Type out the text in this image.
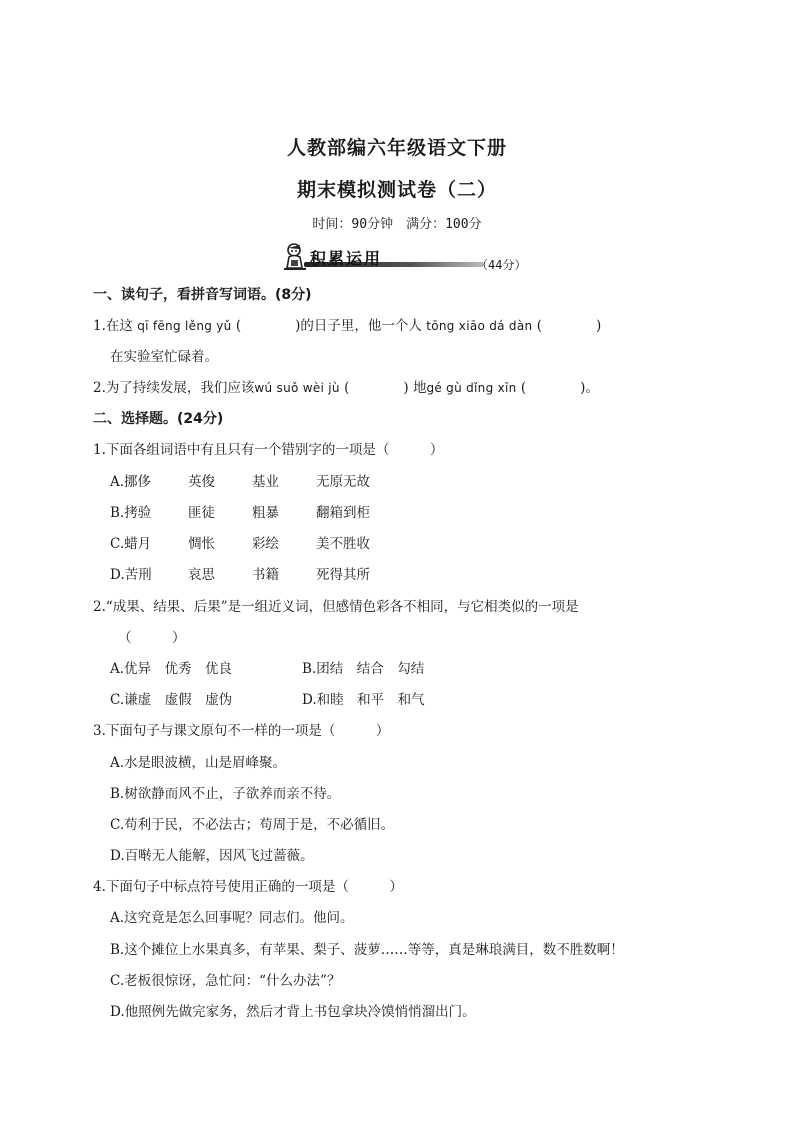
人教部编六年级语文下册
期末模拟测试卷（二）
时间：90分钟　满分：100分
积累运用	（44分）
一、读句子，看拼音写词语。(8分)
1.在这 qī fēng lěng yǔ (　　　　)的日子里，他一个人 tōng xiāo dá dàn (　　　　)
在实验室忙碌着。
2.为了持续发展，我们应该wú suǒ wèi jù (　　　　) 地gé gù dǐng xīn (　　　　)。
二、选择题。(24分)
1.下面各组词语中有且只有一个错别字的一项是（　　　）
A.挪侈	英俊	基业	无原无故
B.拷验	匪徒	粗暴	翻箱到柜
C.蜡月	惆怅	彩绘	美不胜收
D.苦刑	哀思	书籍	死得其所
2.“成果、结果、后果”是一组近义词，但感情色彩各不相同，与它相类似的一项是
（　　　）
A.优异　优秀　优良	B.团结　结合　勾结
C.谦虚　虚假　虚伪	D.和睦　和平　和气
3.下面句子与课文原句不一样的一项是（　　　）
A.水是眼波横，山是眉峰聚。
B.树欲静而风不止，子欲养而亲不待。
C.苟利于民，不必法古；苟周于是，不必循旧。
D.百啭无人能解，因风飞过蔷薇。
4.下面句子中标点符号使用正确的一项是（　　　）
A.这究竟是怎么回事呢？同志们。他问。
B.这个摊位上水果真多，有苹果、梨子、菠萝……等等，真是琳琅满目，数不胜数啊！
C.老板很惊讶，急忙问：“什么办法”？
D.他照例先做完家务，然后才背上书包拿块冷馍悄悄溜出门。
